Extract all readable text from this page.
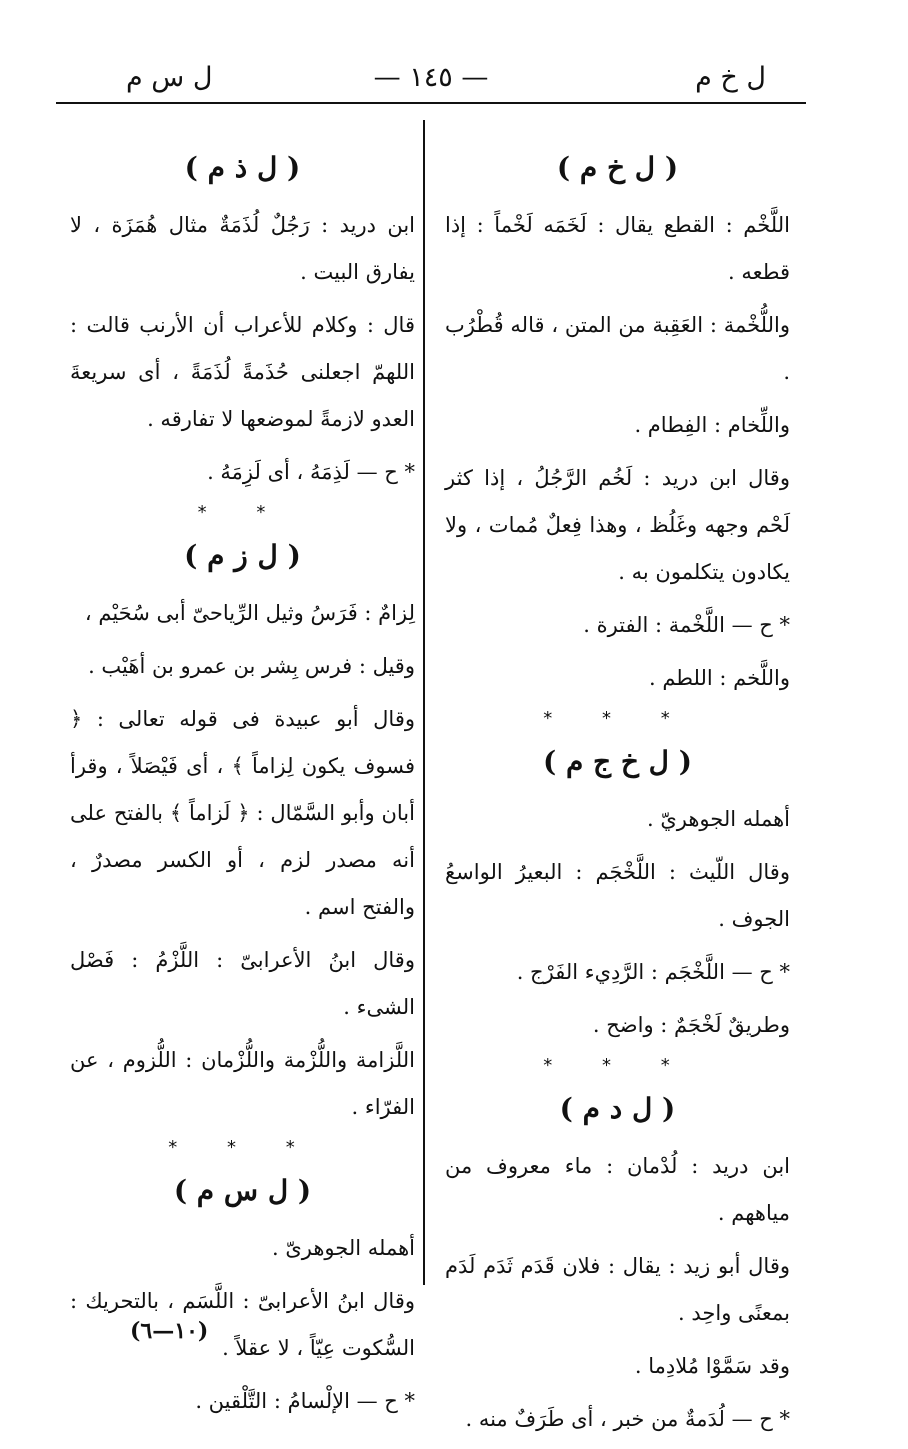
ل خ م
— ١٤٥ —
ل س م
( ل خ م )

اللَّخْم : القطع يقال : لَخَمَه لَخْماً : إذا قطعه .

واللُّخْمة : العَقِبة من المتن ، قاله قُطْرُب .

واللِّخام : الفِطام .

وقال ابن دريد : لَخُم الرَّجُلُ ، إذا كثر لَحْم وجهه وغَلُظ ، وهذا فِعلٌ مُمات ، ولا يكادون يتكلمون به .

* ح — اللَّخْمة : الفترة .

واللَّخم : اللطم .

* * *
( ل خ ج م )

أهمله الجوهريّ .

وقال اللّيث : اللَّخْجَم : البعيرُ الواسعُ الجوف .

* ح — اللَّخْجَم : الرَّدِيء الفَرْج .

وطريقٌ لَخْجَمٌ : واضح .

* * *
( ل د م )

ابن دريد : لُدْمان : ماء معروف من مياههم .

وقال أبو زيد : يقال : فلان قَدَم ثَدَم لَدَم بمعنًى واحِد .

وقد سَمَّوْا مُلادِما .

* ح — لُدَمةٌ من خبر ، أى طَرَفٌ منه .

( ل ذ م )

ابن دريد : رَجُلٌ لُذَمَةٌ مثال هُمَزَة ، لا يفارق البيت .

قال : وكلام للأعراب أن الأرنب قالت : اللهمّ اجعلنى حُذَمةً لُذَمَةً ، أى سريعةَ العدو لازمةً لموضعها لا تفارقه .

* ح — لَذِمَهُ ، أى لَزِمَهُ .

* *
( ل ز م )

لِزامٌ : فَرَسُ وثيل الرِّياحىّ أبى سُحَيْم ،

وقيل : فرس بِشر بن عمرو بن أهَيْب .

وقال أبو عبيدة فى قوله تعالى : ﴿ فسوف يكون لِزاماً ﴾ ، أى فَيْصَلاً ، وقرأ أبان وأبو السَّمّال : ﴿ لَزاماً ﴾ بالفتح على أنه مصدر لزم ، أو الكسر مصدرٌ ، والفتح اسم .

وقال ابنُ الأعرابىّ : اللَّزْمُ : فَصْل الشىء .

اللَّزامة واللُّزْمة واللُّزْمان : اللُّزوم ، عن الفرّاء .

* * *
( ل س م )

أهمله الجوهرىّ .

وقال ابنُ الأعرابىّ : اللَّسَم ، بالتحريك : السُّكوت عِيّاً ، لا عقلاً .

* ح — الإلْسامُ : التَّلْقين .

(١٠—٦)
